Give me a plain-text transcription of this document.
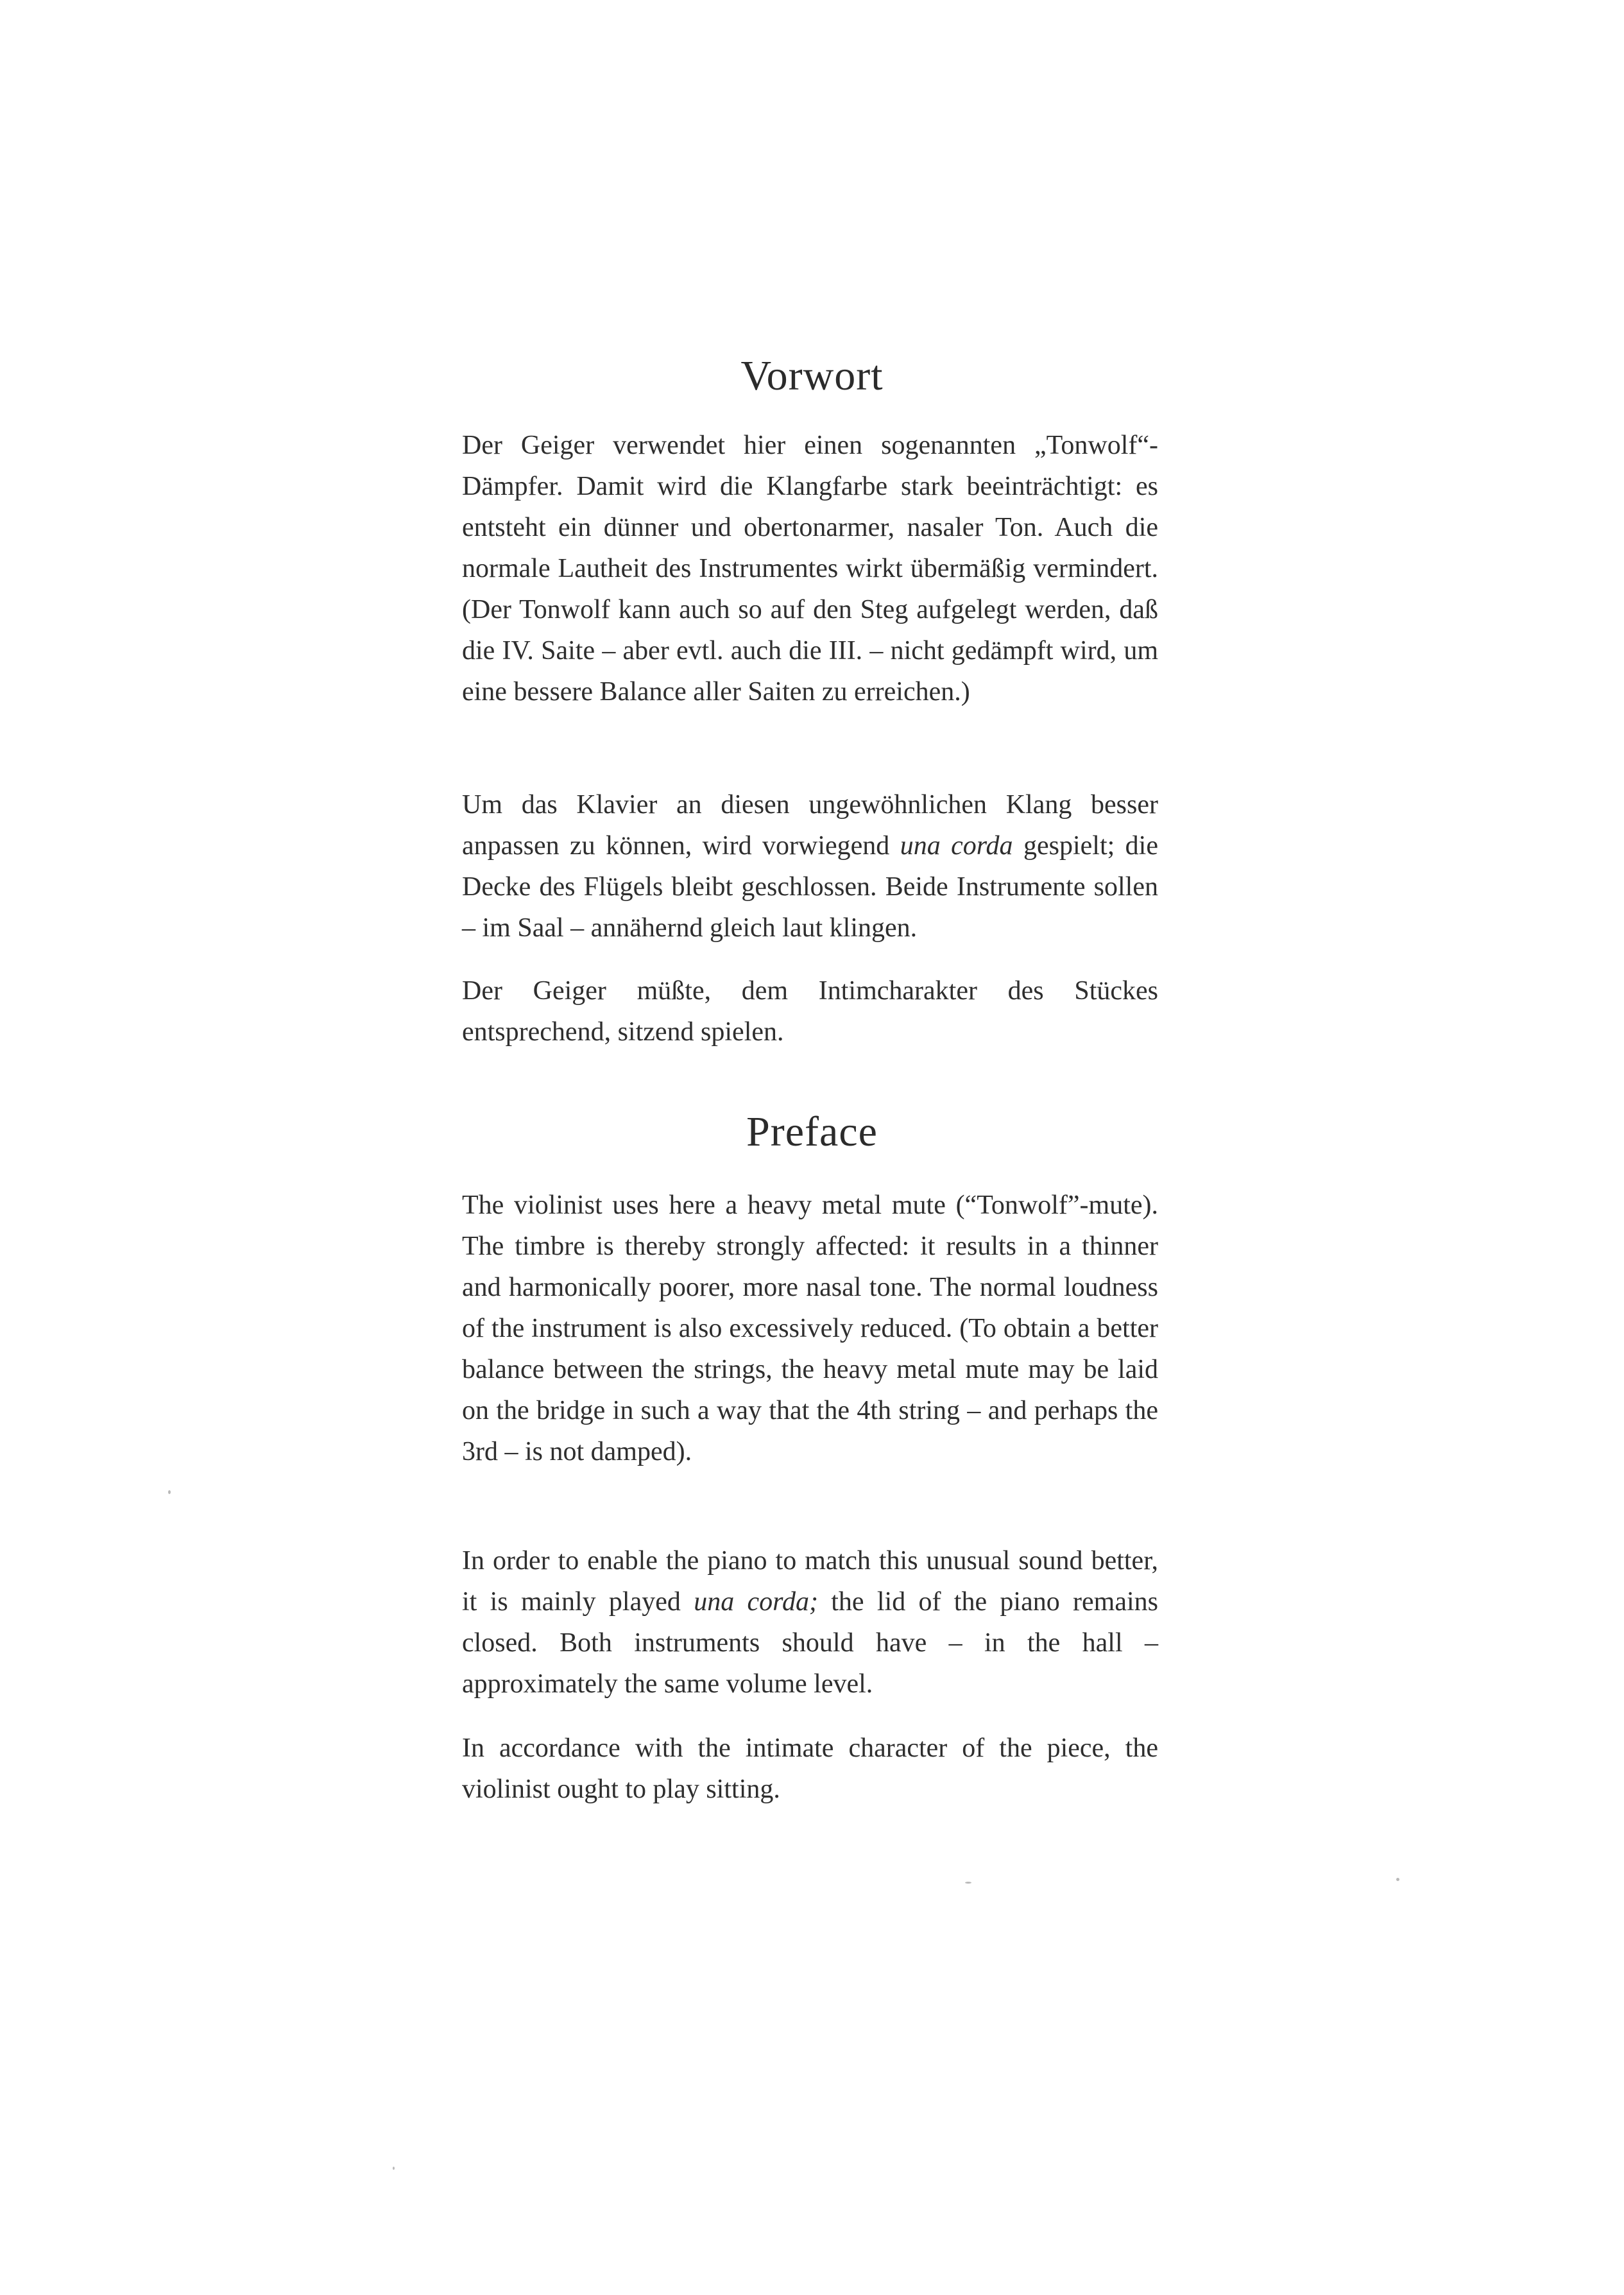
Vorwort

Der Geiger verwendet hier einen sogenannten „Tonwolf“-Dämpfer. Damit wird die Klangfarbe stark beeinträchtigt: es entsteht ein dünner und obertonarmer, nasaler Ton. Auch die normale Lautheit des Instrumentes wirkt übermäßig vermindert. (Der Tonwolf kann auch so auf den Steg aufgelegt werden, daß die IV. Saite – aber evtl. auch die III. – nicht gedämpft wird, um eine bessere Balance aller Saiten zu erreichen.)

Um das Klavier an diesen ungewöhnlichen Klang besser anpassen zu können, wird vorwiegend una corda gespielt; die Decke des Flügels bleibt geschlossen. Beide Instrumente sollen – im Saal – annähernd gleich laut klingen.

Der Geiger müßte, dem Intimcharakter des Stückes entsprechend, sitzend spielen.

Preface

The violinist uses here a heavy metal mute (“Tonwolf”-mute). The timbre is thereby strongly affected: it results in a thinner and harmonically poorer, more nasal tone. The normal loudness of the instrument is also excessively reduced. (To obtain a better balance between the strings, the heavy metal mute may be laid on the bridge in such a way that the 4th string – and perhaps the 3rd – is not damped).

In order to enable the piano to match this unusual sound better, it is mainly played una corda; the lid of the piano remains closed. Both instruments should have – in the hall – approximately the same volume level.

In accordance with the intimate character of the piece, the violinist ought to play sitting.
